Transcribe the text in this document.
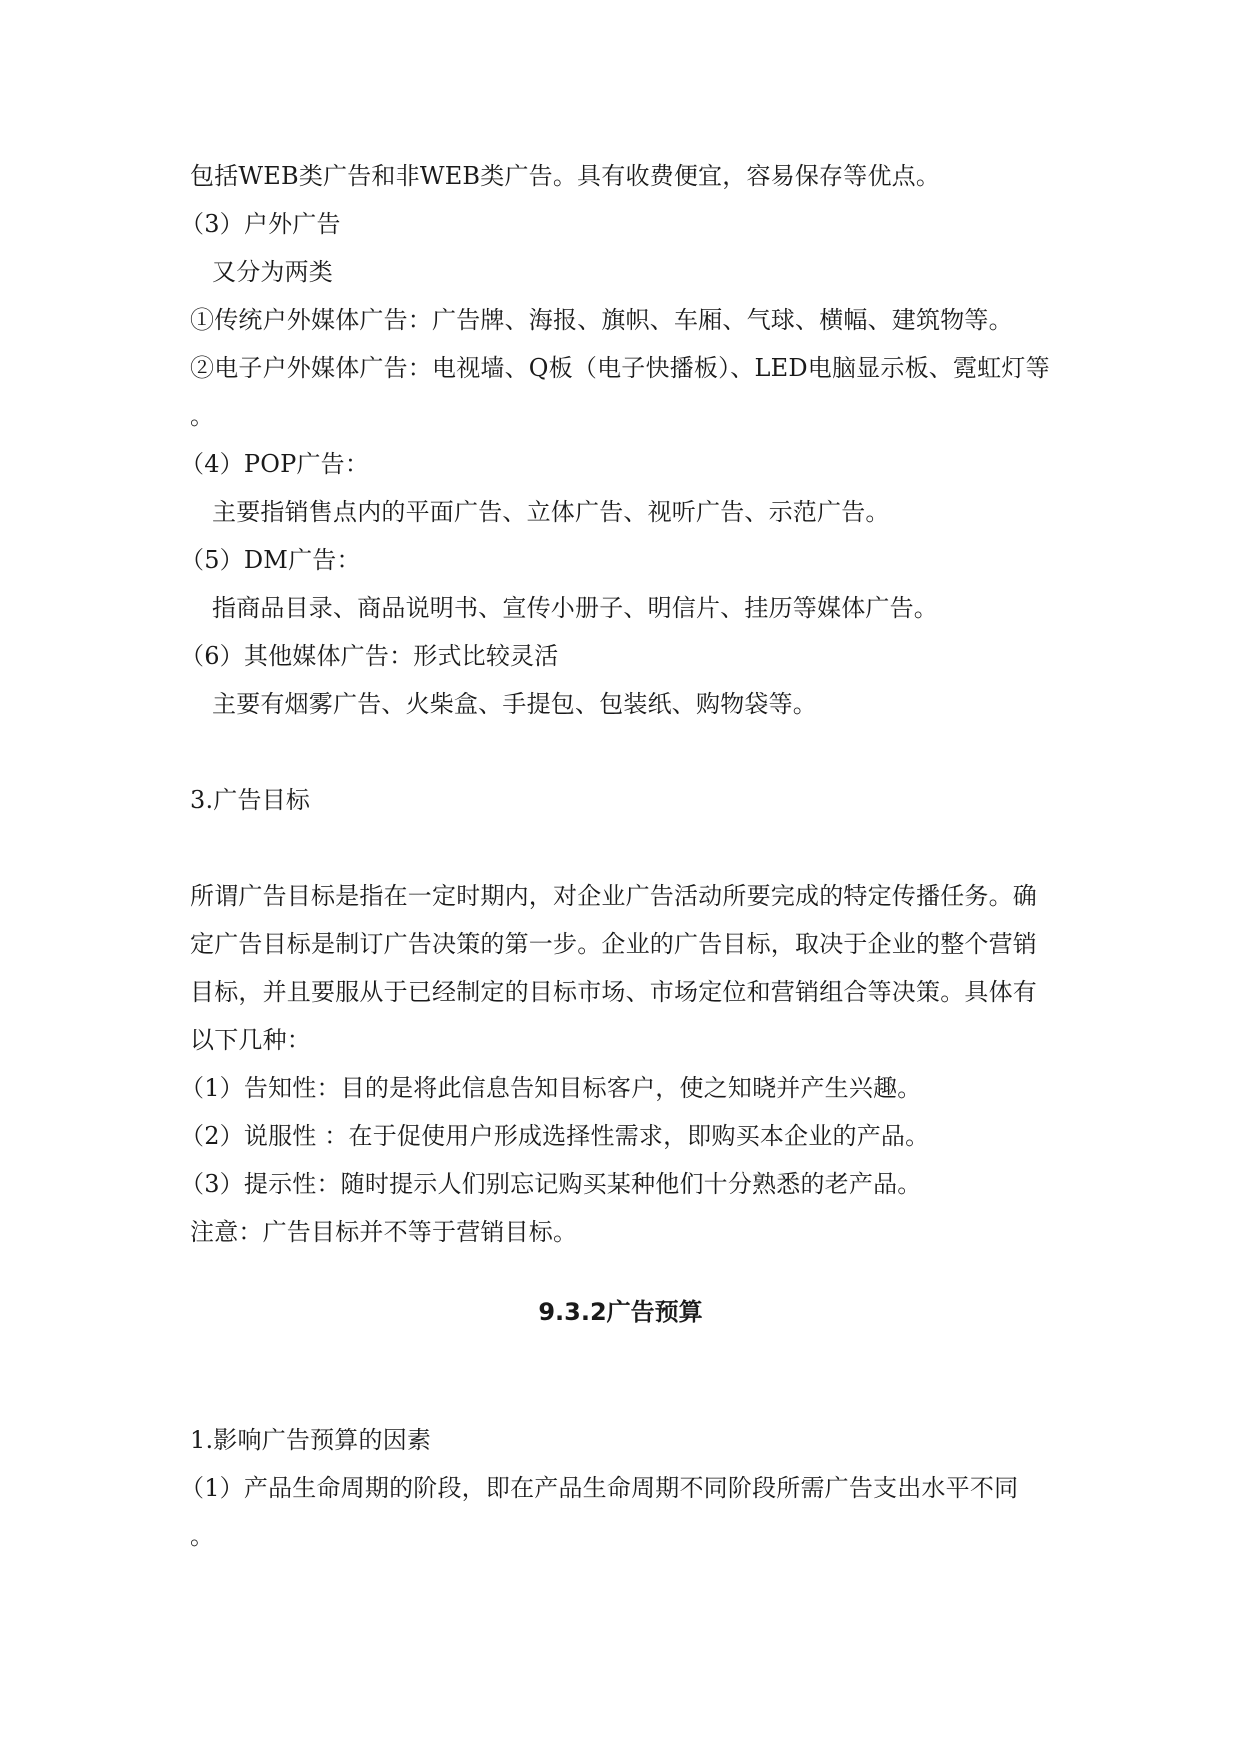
包括WEB类广告和非WEB类广告。具有收费便宜，容易保存等优点。
（3）户外广告
又分为两类
①传统户外媒体广告：广告牌、海报、旗帜、车厢、气球、横幅、建筑物等。
②电子户外媒体广告：电视墙、Q板（电子快播板）、LED电脑显示板、霓虹灯等
。
（4）POP广告：
主要指销售点内的平面广告、立体广告、视听广告、示范广告。
（5）DM广告：
指商品目录、商品说明书、宣传小册子、明信片、挂历等媒体广告。
（6）其他媒体广告：形式比较灵活
主要有烟雾广告、火柴盒、手提包、包装纸、购物袋等。
3.广告目标
所谓广告目标是指在一定时期内，对企业广告活动所要完成的特定传播任务。确
定广告目标是制订广告决策的第一步。企业的广告目标，取决于企业的整个营销
目标，并且要服从于已经制定的目标市场、市场定位和营销组合等决策。具体有
以下几种：
（1）告知性：目的是将此信息告知目标客户，使之知晓并产生兴趣。
（2）说服性 ：在于促使用户形成选择性需求，即购买本企业的产品。
（3）提示性：随时提示人们别忘记购买某种他们十分熟悉的老产品。
注意：广告目标并不等于营销目标。
9.3.2广告预算
1.影响广告预算的因素
（1）产品生命周期的阶段，即在产品生命周期不同阶段所需广告支出水平不同
。
